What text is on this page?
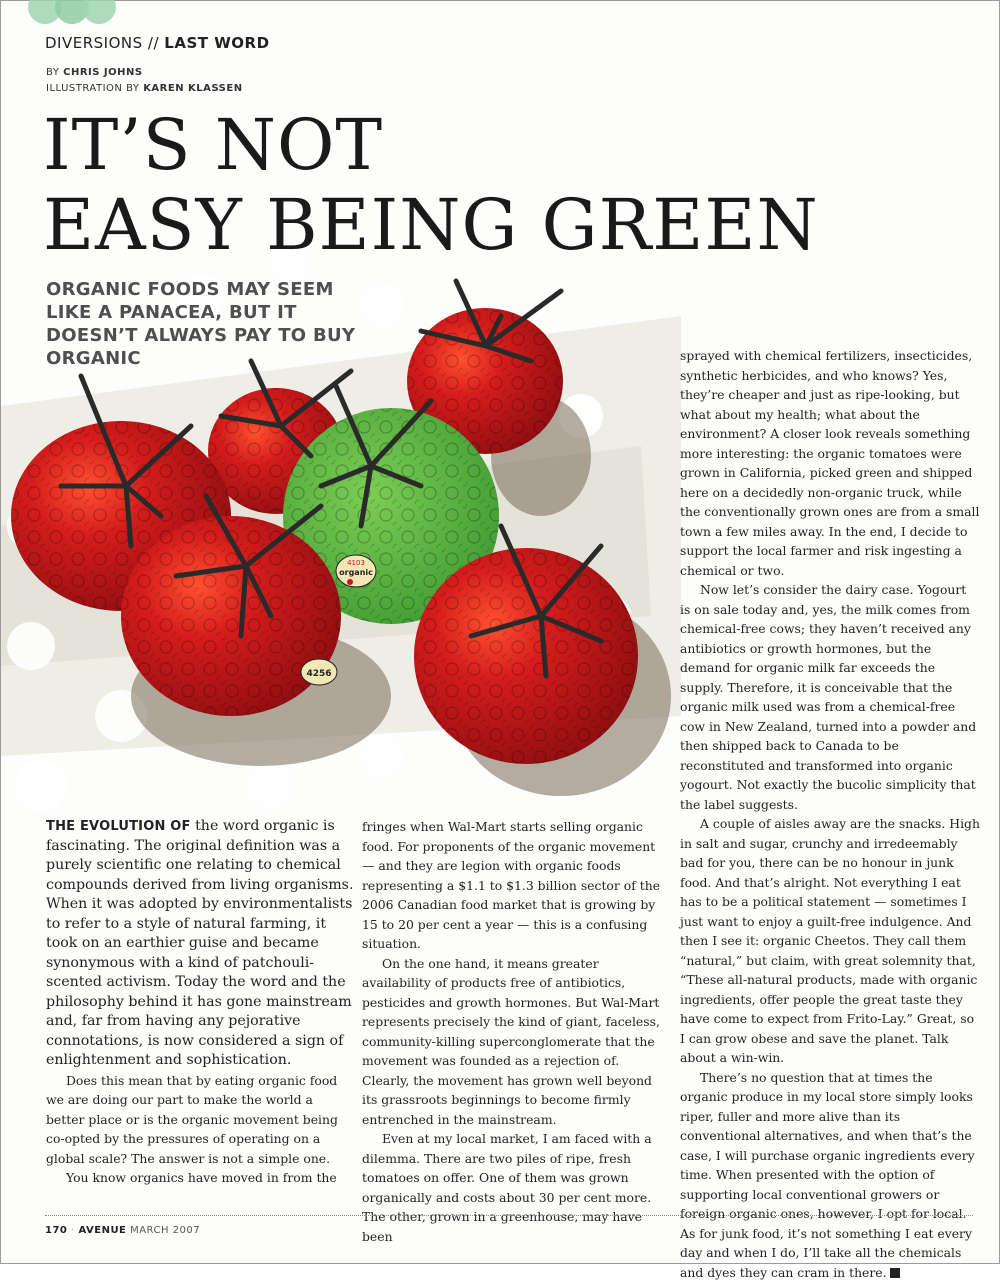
DIVERSIONS // LAST WORD
BY CHRIS JOHNS
ILLUSTRATION BY KAREN KLASSEN
4103
organic
4256
IT’S NOT
EASY BEING GREEN
ORGANIC FOODS MAY SEEM LIKE A PANACEA, BUT IT DOESN’T ALWAYS PAY TO BUY ORGANIC

THE EVOLUTION OF the word organic is fascinating. The original definition was a purely scientific one relating to chemical compounds derived from living organisms. When it was adopted by environmentalists to refer to a style of natural farming, it took on an earthier guise and became synonymous with a kind of patchouli-scented activism. Today the word and the philosophy behind it has gone mainstream and, far from having any pejorative connotations, is now considered a sign of enlightenment and sophistication.

Does this mean that by eating organic food we are doing our part to make the world a better place or is the organic movement being co-opted by the pressures of operating on a global scale? The answer is not a simple one.

You know organics have moved in from the

fringes when Wal-Mart starts selling organic food. For proponents of the organic movement — and they are legion with organic foods representing a $1.1 to $1.3 billion sector of the 2006 Canadian food market that is growing by 15 to 20 per cent a year — this is a confusing situation.

On the one hand, it means greater availability of products free of antibiotics, pesticides and growth hormones. But Wal-Mart represents precisely the kind of giant, faceless, community-killing superconglomerate that the movement was founded as a rejection of. Clearly, the movement has grown well beyond its grassroots beginnings to become firmly entrenched in the mainstream.

Even at my local market, I am faced with a dilemma. There are two piles of ripe, fresh tomatoes on offer. One of them was grown organically and costs about 30 per cent more. The other, grown in a greenhouse, may have been

sprayed with chemical fertilizers, insecticides, synthetic herbicides, and who knows? Yes, they’re cheaper and just as ripe-looking, but what about my health; what about the environment? A closer look reveals something more interesting: the organic tomatoes were grown in California, picked green and shipped here on a decidedly non-organic truck, while the conventionally grown ones are from a small town a few miles away. In the end, I decide to support the local farmer and risk ingesting a chemical or two.

Now let’s consider the dairy case. Yogourt is on sale today and, yes, the milk comes from chemical-free cows; they haven’t received any antibiotics or growth hormones, but the demand for organic milk far exceeds the supply. Therefore, it is conceivable that the organic milk used was from a chemical-free cow in New Zealand, turned into a powder and then shipped back to Canada to be reconstituted and transformed into organic yogourt. Not exactly the bucolic simplicity that the label suggests.

A couple of aisles away are the snacks. High in salt and sugar, crunchy and irredeemably bad for you, there can be no honour in junk food. And that’s alright. Not everything I eat has to be a political statement — sometimes I just want to enjoy a guilt-free indulgence. And then I see it: organic Cheetos. They call them “natural,” but claim, with great solemnity that, “These all-natural products, made with organic ingredients, offer people the great taste they have come to expect from Frito-Lay.” Great, so I can grow obese and save the planet. Talk about a win-win.

There’s no question that at times the organic produce in my local store simply looks riper, fuller and more alive than its conventional alternatives, and when that’s the case, I will purchase organic ingredients every time. When presented with the option of supporting local conventional growers or foreign organic ones, however, I opt for local. As for junk food, it’s not something I eat every day and when I do, I’ll take all the chemicals and dyes they can cram in there.	a

170 · AVENUE MARCH 2007
